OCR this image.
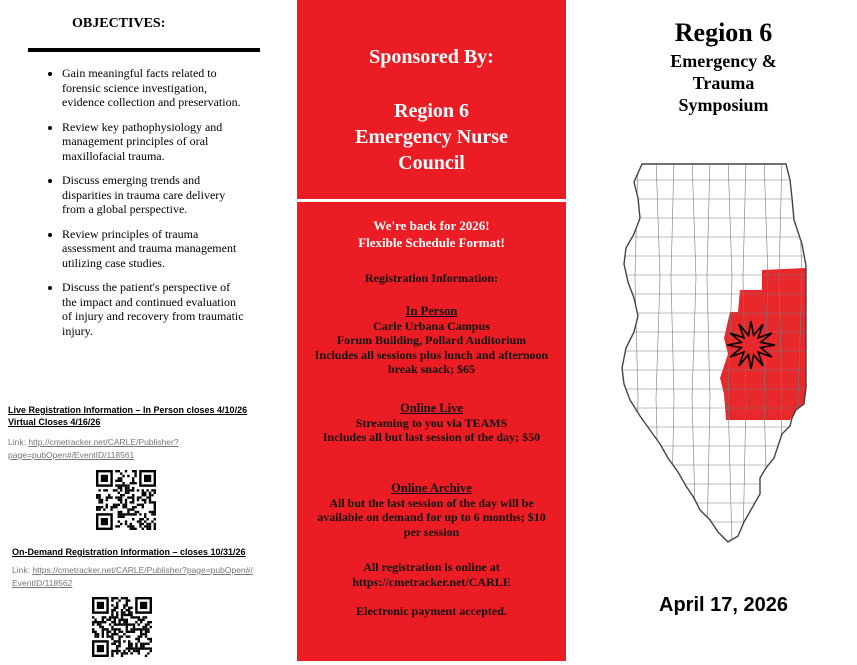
OBJECTIVES:
• Gain meaningful facts related to forensic science investigation, evidence collection and preservation.
• Review key pathophysiology and management principles of oral maxillofacial trauma.
• Discuss emerging trends and disparities in trauma care delivery from a global perspective.
• Review principles of trauma assessment and trauma management utilizing case studies.
• Discuss the patient's perspective of the impact and continued evaluation of injury and recovery from traumatic injury.
Live Registration Information – In Person closes 4/10/26
Virtual Closes 4/16/26
Link: http://cmetracker.net/CARLE/Publisher?
page=pubOpen#/EventID/118561
On-Demand Registration Information – closes 10/31/26
Link: https://cmetracker.net/CARLE/Publisher?page=pubOpen#/
EventID/118562
Sponsored By:
Region 6
Emergency Nurse
Council
We're back for 2026!
Flexible Schedule Format!
Registration Information:
In Person
Carle Urbana Campus
Forum Building, Pollard Auditorium
Includes all sessions plus lunch and afternoon break snack; $65
Online Live
Streaming to you via TEAMS
Includes all but last session of the day; $50
Online Archive
All but the last session of the day will be available on demand for up to 6 months; $10 per session
All registration is online at
https://cmetracker.net/CARLE
Electronic payment accepted.
Region 6
Emergency &
Trauma
Symposium
April 17, 2026
